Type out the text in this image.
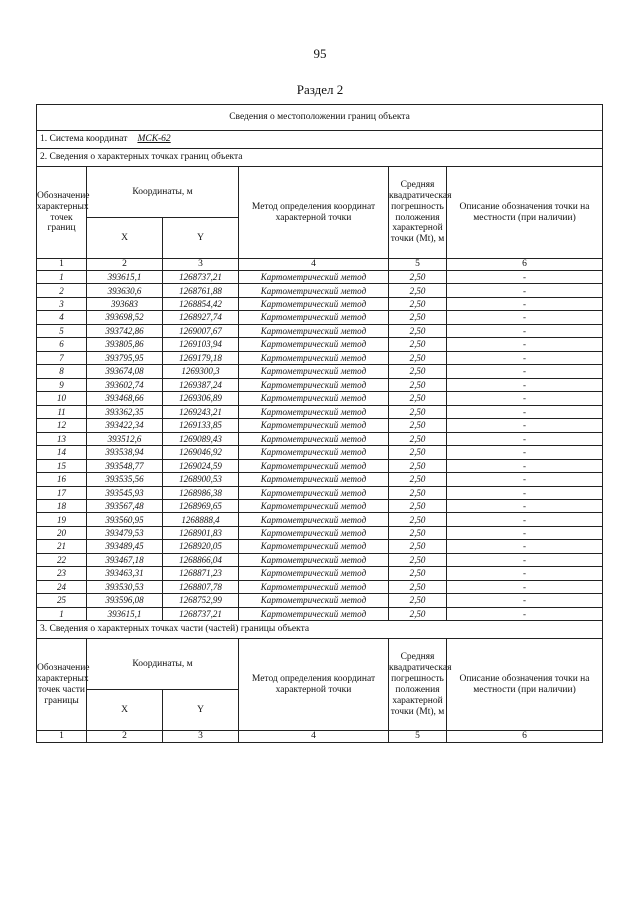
95
Раздел 2
Сведения о местоположении границ объекта					
1. Система координат МСК-62					
2. Сведения о характерных точках границ объекта					
Обозначение характерных точек границ	Координаты, м		Метод определения координат характерной точки	Средняя квадратическая погрешность положения характерной точки (Mt), м	Описание обозначения точки на местности (при наличии)
	X	Y			
1	2	3	4	5	6
1	393615,1	1268737,21	Картометрический метод	2,50	-
2	393630,6	1268761,88	Картометрический метод	2,50	-
3	393683	1268854,42	Картометрический метод	2,50	-
4	393698,52	1268927,74	Картометрический метод	2,50	-
5	393742,86	1269007,67	Картометрический метод	2,50	-
6	393805,86	1269103,94	Картометрический метод	2,50	-
7	393795,95	1269179,18	Картометрический метод	2,50	-
8	393674,08	1269300,3	Картометрический метод	2,50	-
9	393602,74	1269387,24	Картометрический метод	2,50	-
10	393468,66	1269306,89	Картометрический метод	2,50	-
11	393362,35	1269243,21	Картометрический метод	2,50	-
12	393422,34	1269133,85	Картометрический метод	2,50	-
13	393512,6	1269089,43	Картометрический метод	2,50	-
14	393538,94	1269046,92	Картометрический метод	2,50	-
15	393548,77	1269024,59	Картометрический метод	2,50	-
16	393535,56	1268900,53	Картометрический метод	2,50	-
17	393545,93	1268986,38	Картометрический метод	2,50	-
18	393567,48	1268969,65	Картометрический метод	2,50	-
19	393560,95	1268888,4	Картометрический метод	2,50	-
20	393479,53	1268901,83	Картометрический метод	2,50	-
21	393489,45	1268920,05	Картометрический метод	2,50	-
22	393467,18	1268866,04	Картометрический метод	2,50	-
23	393463,31	1268871,23	Картометрический метод	2,50	-
24	393530,53	1268807,78	Картометрический метод	2,50	-
25	393596,08	1268752,99	Картометрический метод	2,50	-
1	393615,1	1268737,21	Картометрический метод	2,50	-
3. Сведения о характерных точках части (частей) границы объекта					
Обозначение характерных точек части границы	Координаты, м		Метод определения координат характерной точки	Средняя квадратическая погрешность положения характерной точки (Mt), м	Описание обозначения точки на местности (при наличии)
	X	Y			
1	2	3	4	5	6
